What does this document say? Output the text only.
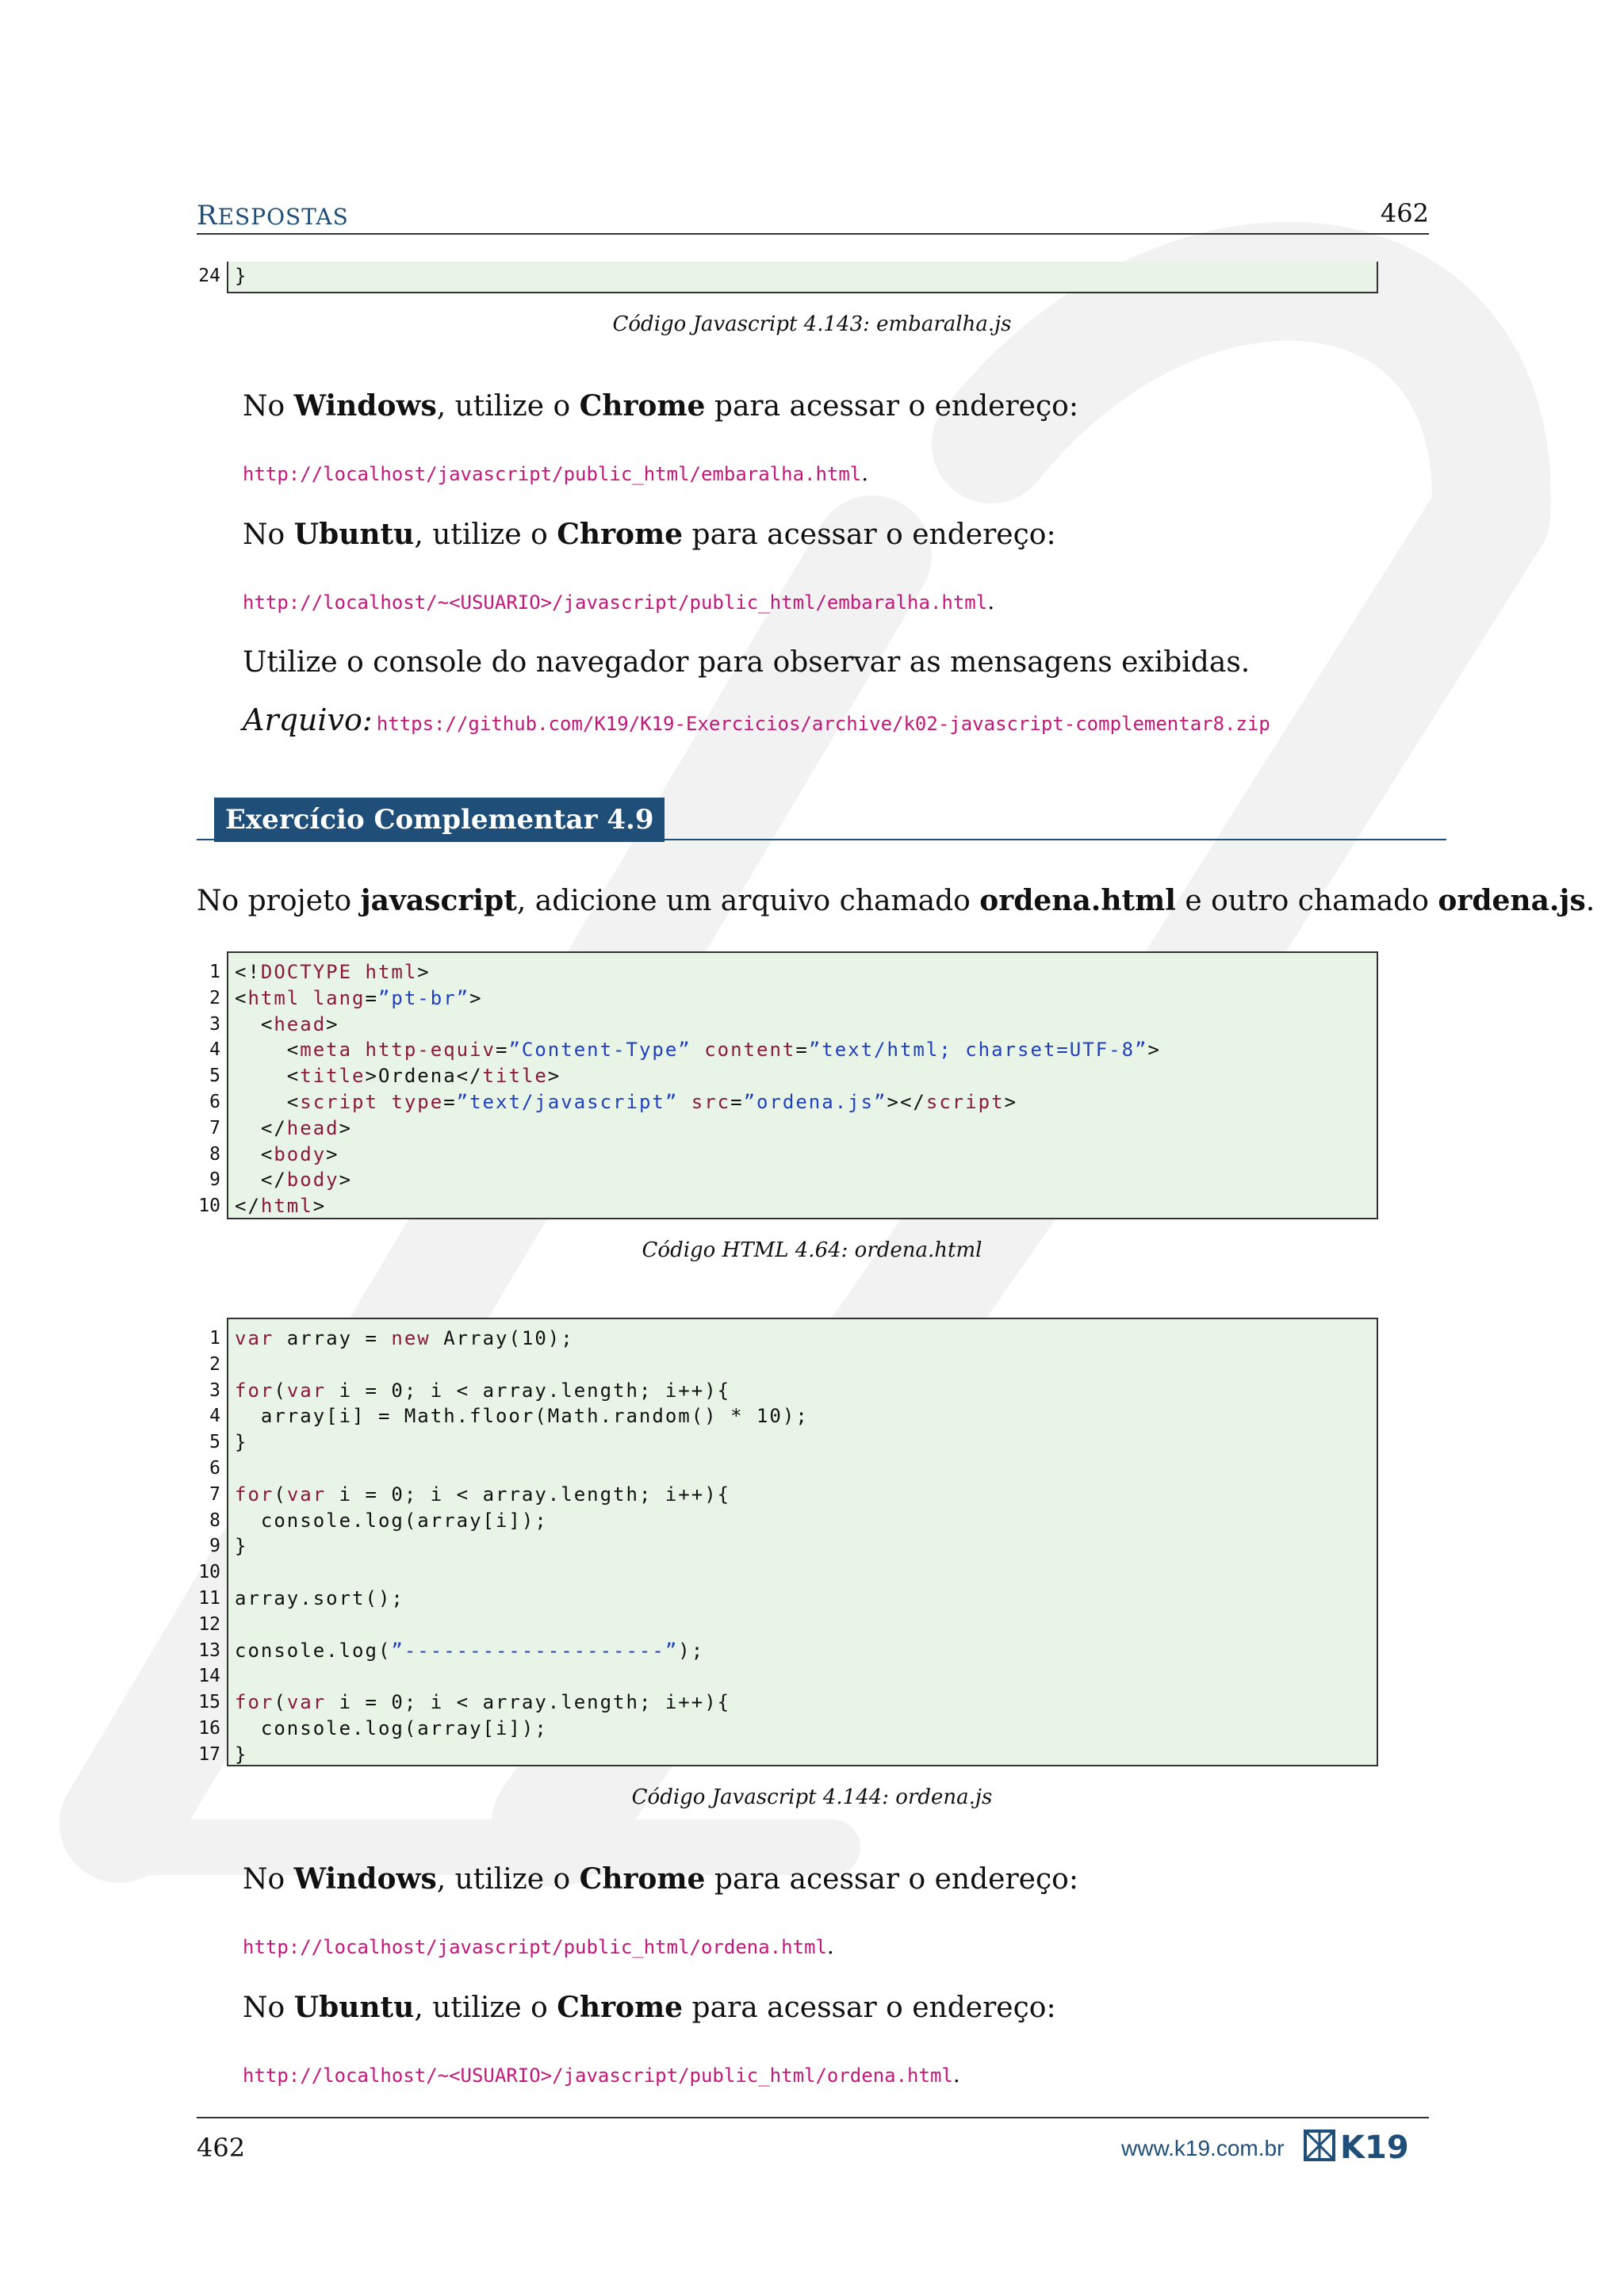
RESPOSTAS	462
24 }
Código Javascript 4.143: embaralha.js
No Windows, utilize o Chrome para acessar o endereço:
http://localhost/javascript/public_html/embaralha.html.
No Ubuntu, utilize o Chrome para acessar o endereço:
http://localhost/~<USUARIO>/javascript/public_html/embaralha.html.
Utilize o console do navegador para observar as mensagens exibidas.
Arquivo: https://github.com/K19/K19-Exercicios/archive/k02-javascript-complementar8.zip
Exercício Complementar 4.9
No projeto javascript, adicione um arquivo chamado ordena.html e outro chamado ordena.js.
1 <!DOCTYPE html>
2 <html lang=”pt-br”>
3 <head>
4 <meta http-equiv=”Content-Type” content=”text/html; charset=UTF-8”>
5 <title>Ordena</title>
6 <script type=”text/javascript” src=”ordena.js”></script>
7 </head>
8 <body>
9 </body>
10 </html>
Código HTML 4.64: ordena.html
1 var array = new Array(10);
2
3 for(var i = 0; i < array.length; i++){
4 array[i] = Math.floor(Math.random() * 10);
5 }
6
7 for(var i = 0; i < array.length; i++){
8 console.log(array[i]);
9 }
10
11 array.sort();
12
13 console.log(”--------------------”);
14
15 for(var i = 0; i < array.length; i++){
16 console.log(array[i]);
17 }
Código Javascript 4.144: ordena.js
No Windows, utilize o Chrome para acessar o endereço:
http://localhost/javascript/public_html/ordena.html.
No Ubuntu, utilize o Chrome para acessar o endereço:
http://localhost/~<USUARIO>/javascript/public_html/ordena.html.
462	www.k19.com.br K19
